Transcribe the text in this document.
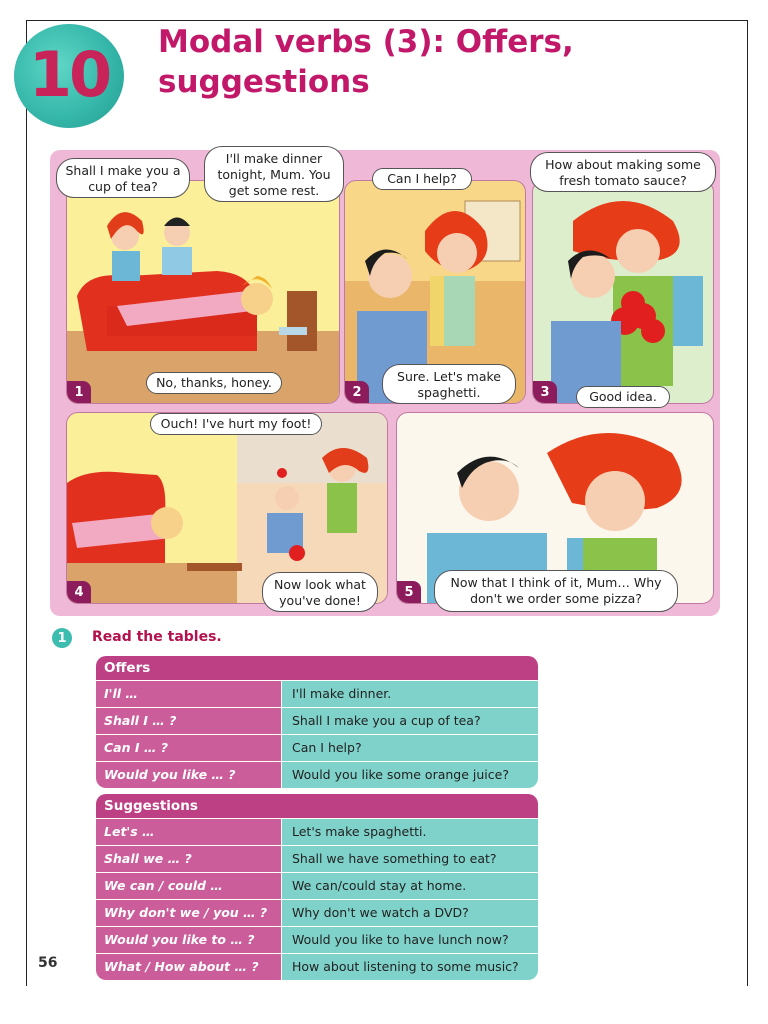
10	Modal verbs (3): Offers,
suggestions
1	2	3
4	5
Shall I make you a cup of tea?
I'll make dinner tonight, Mum. You get some rest.
No, thanks, honey.
Can I help?
Sure. Let's make spaghetti.
How about making some fresh tomato sauce?
Good idea.
Ouch! I've hurt my foot!
Now look what you've done!
Now that I think of it, Mum… Why don't we order some pizza?
1	Read the tables.
Offers
I'll …	I'll make dinner.
Shall I … ?	Shall I make you a cup of tea?
Can I … ?	Can I help?
Would you like … ?	Would you like some orange juice?
Suggestions
Let's …	Let's make spaghetti.
Shall we … ?	Shall we have something to eat?
We can / could …	We can/could stay at home.
Why don't we / you … ?	Why don't we watch a DVD?
Would you like to … ?	Would you like to have lunch now?
What / How about … ?	How about listening to some music?
56
